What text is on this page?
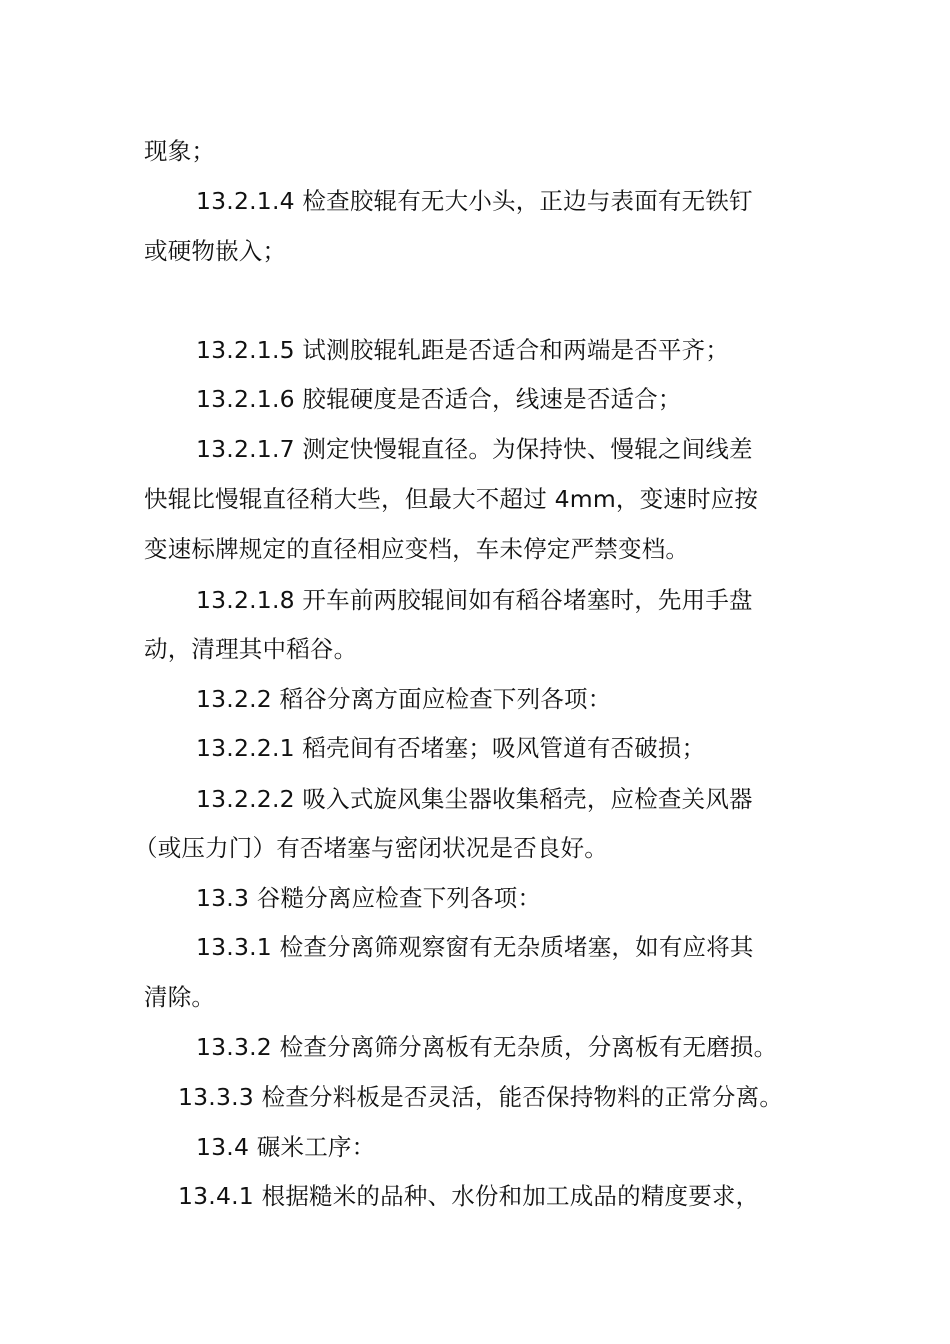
现象；
13.2.1.4 检查胶辊有无大小头，正边与表面有无铁钉
或硬物嵌入；
13.2.1.5 试测胶辊轧距是否适合和两端是否平齐；
13.2.1.6 胶辊硬度是否适合，线速是否适合；
13.2.1.7 测定快慢辊直径。为保持快、慢辊之间线差
快辊比慢辊直径稍大些，但最大不超过 4mm，变速时应按
变速标牌规定的直径相应变档，车未停定严禁变档。
13.2.1.8 开车前两胶辊间如有稻谷堵塞时，先用手盘
动，清理其中稻谷。
13.2.2 稻谷分离方面应检查下列各项：
13.2.2.1 稻壳间有否堵塞；吸风管道有否破损；
13.2.2.2 吸入式旋风集尘器收集稻壳，应检查关风器
（或压力门）有否堵塞与密闭状况是否良好。
13.3 谷糙分离应检查下列各项：
13.3.1 检查分离筛观察窗有无杂质堵塞，如有应将其
清除。
13.3.2 检查分离筛分离板有无杂质，分离板有无磨损。
13.3.3 检查分料板是否灵活，能否保持物料的正常分离。
13.4 碾米工序：
13.4.1 根据糙米的品种、水份和加工成品的精度要求，
